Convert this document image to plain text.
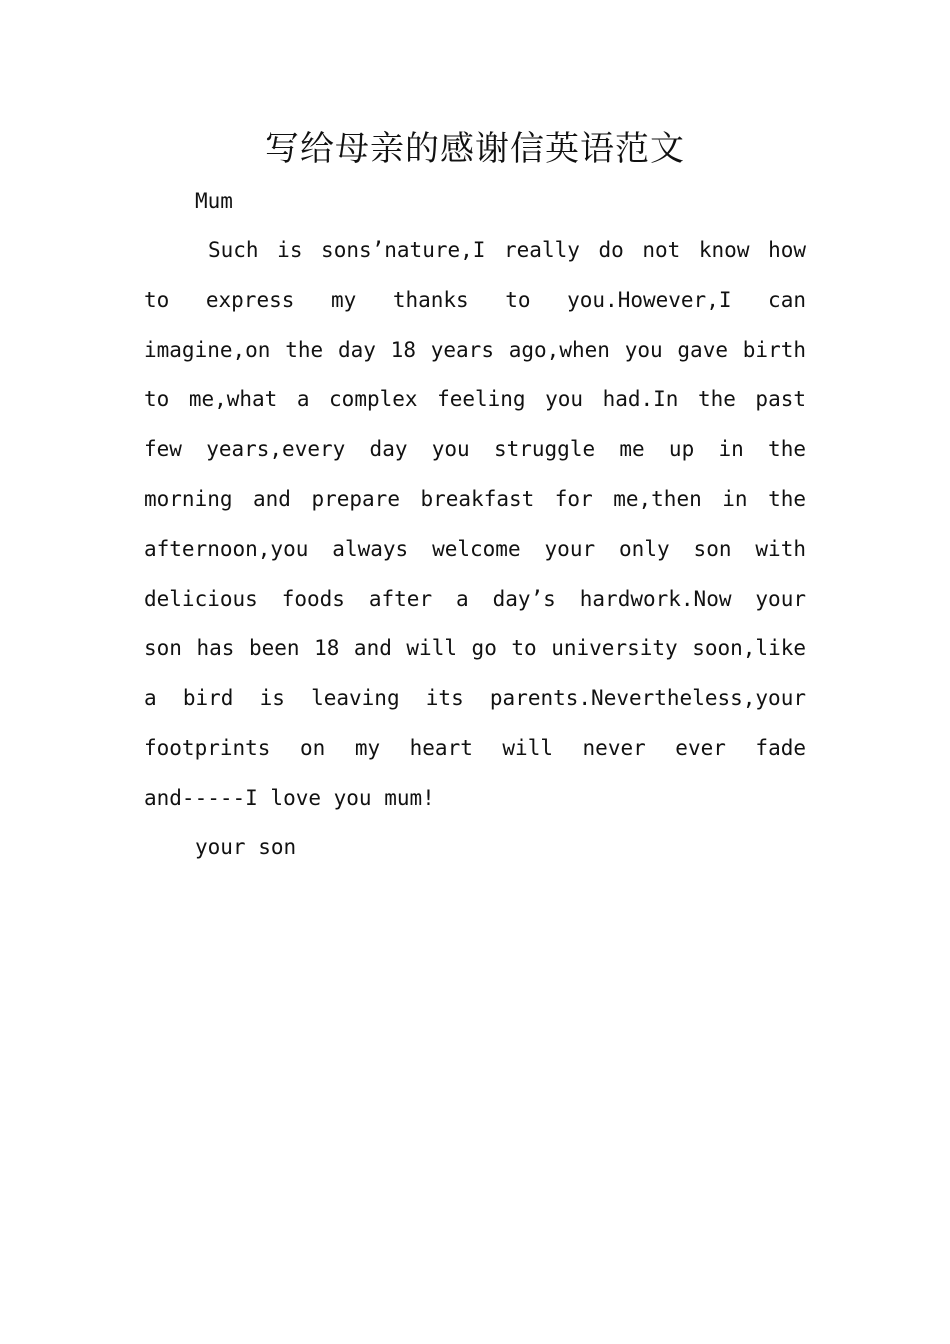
写给母亲的感谢信英语范文
Mum
Such is sons’nature,I really do not know how
to express my thanks to you.However,I can
imagine,on the day 18 years ago,when you gave birth
to me,what a complex feeling you had.In the past
few years,every day you struggle me up in the
morning and prepare breakfast for me,then in the
afternoon,you always welcome your only son with
delicious foods after a day’s hardwork.Now your
son has been 18 and will go to university soon,like
a bird is leaving its parents.Nevertheless,your
footprints on my heart will never ever fade
and-----I love you mum!
your son
